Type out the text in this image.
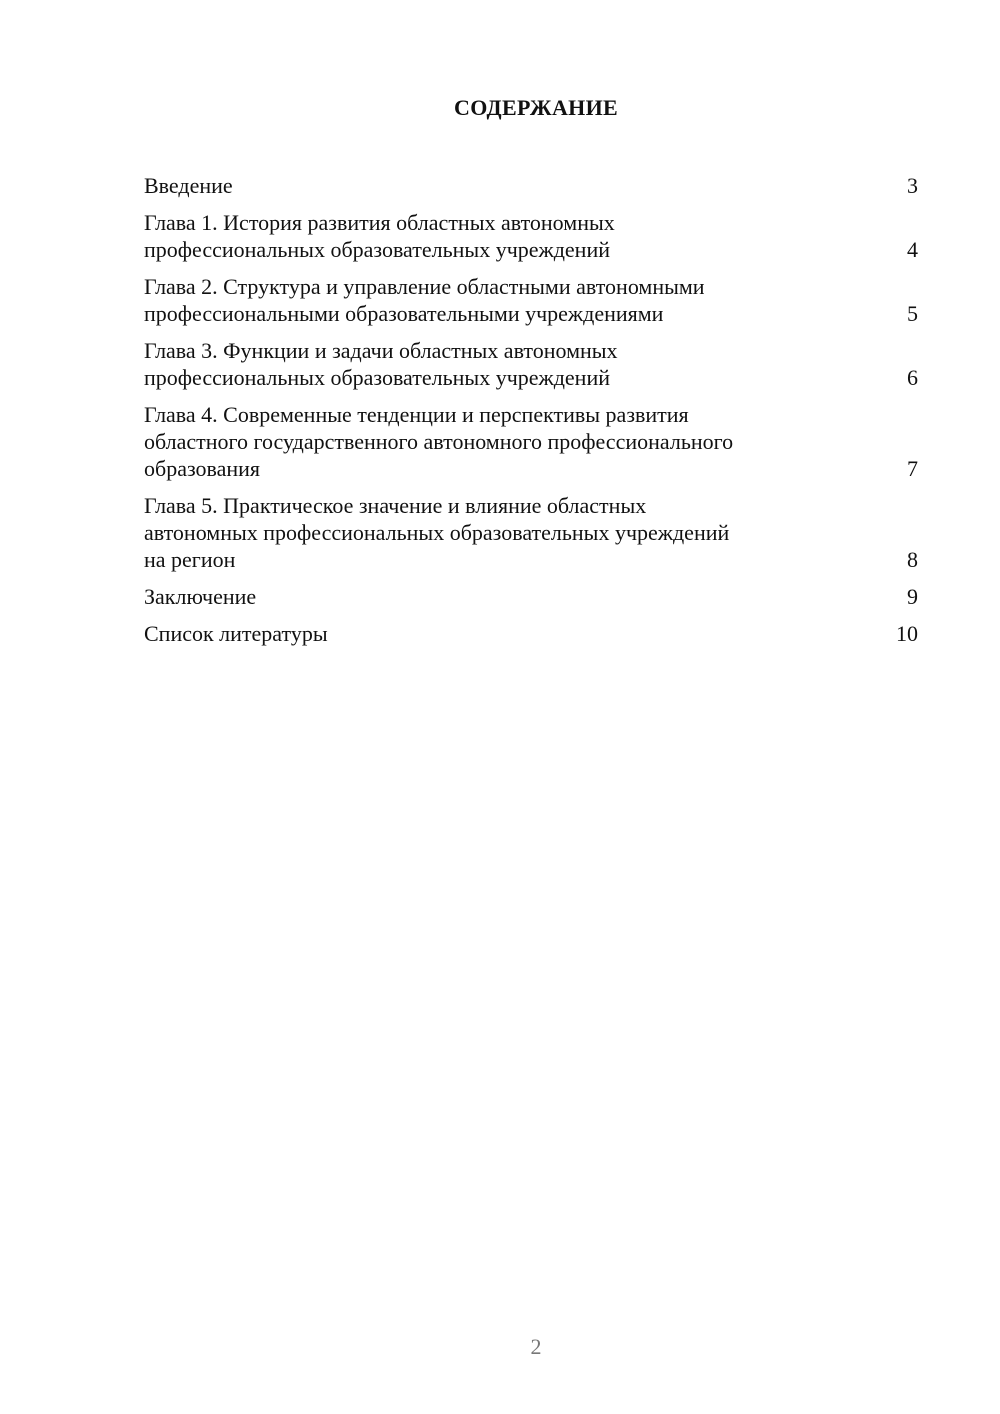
СОДЕРЖАНИЕ
Введение	3
Глава 1. История развития областных автономных
профессиональных образовательных учреждений	4
Глава 2. Структура и управление областными автономными
профессиональными образовательными учреждениями	5
Глава 3. Функции и задачи областных автономных
профессиональных образовательных учреждений	6
Глава 4. Современные тенденции и перспективы развития
областного государственного автономного профессионального
образования	7
Глава 5. Практическое значение и влияние областных
автономных профессиональных образовательных учреждений
на регион	8
Заключение	9
Список литературы	10
2
